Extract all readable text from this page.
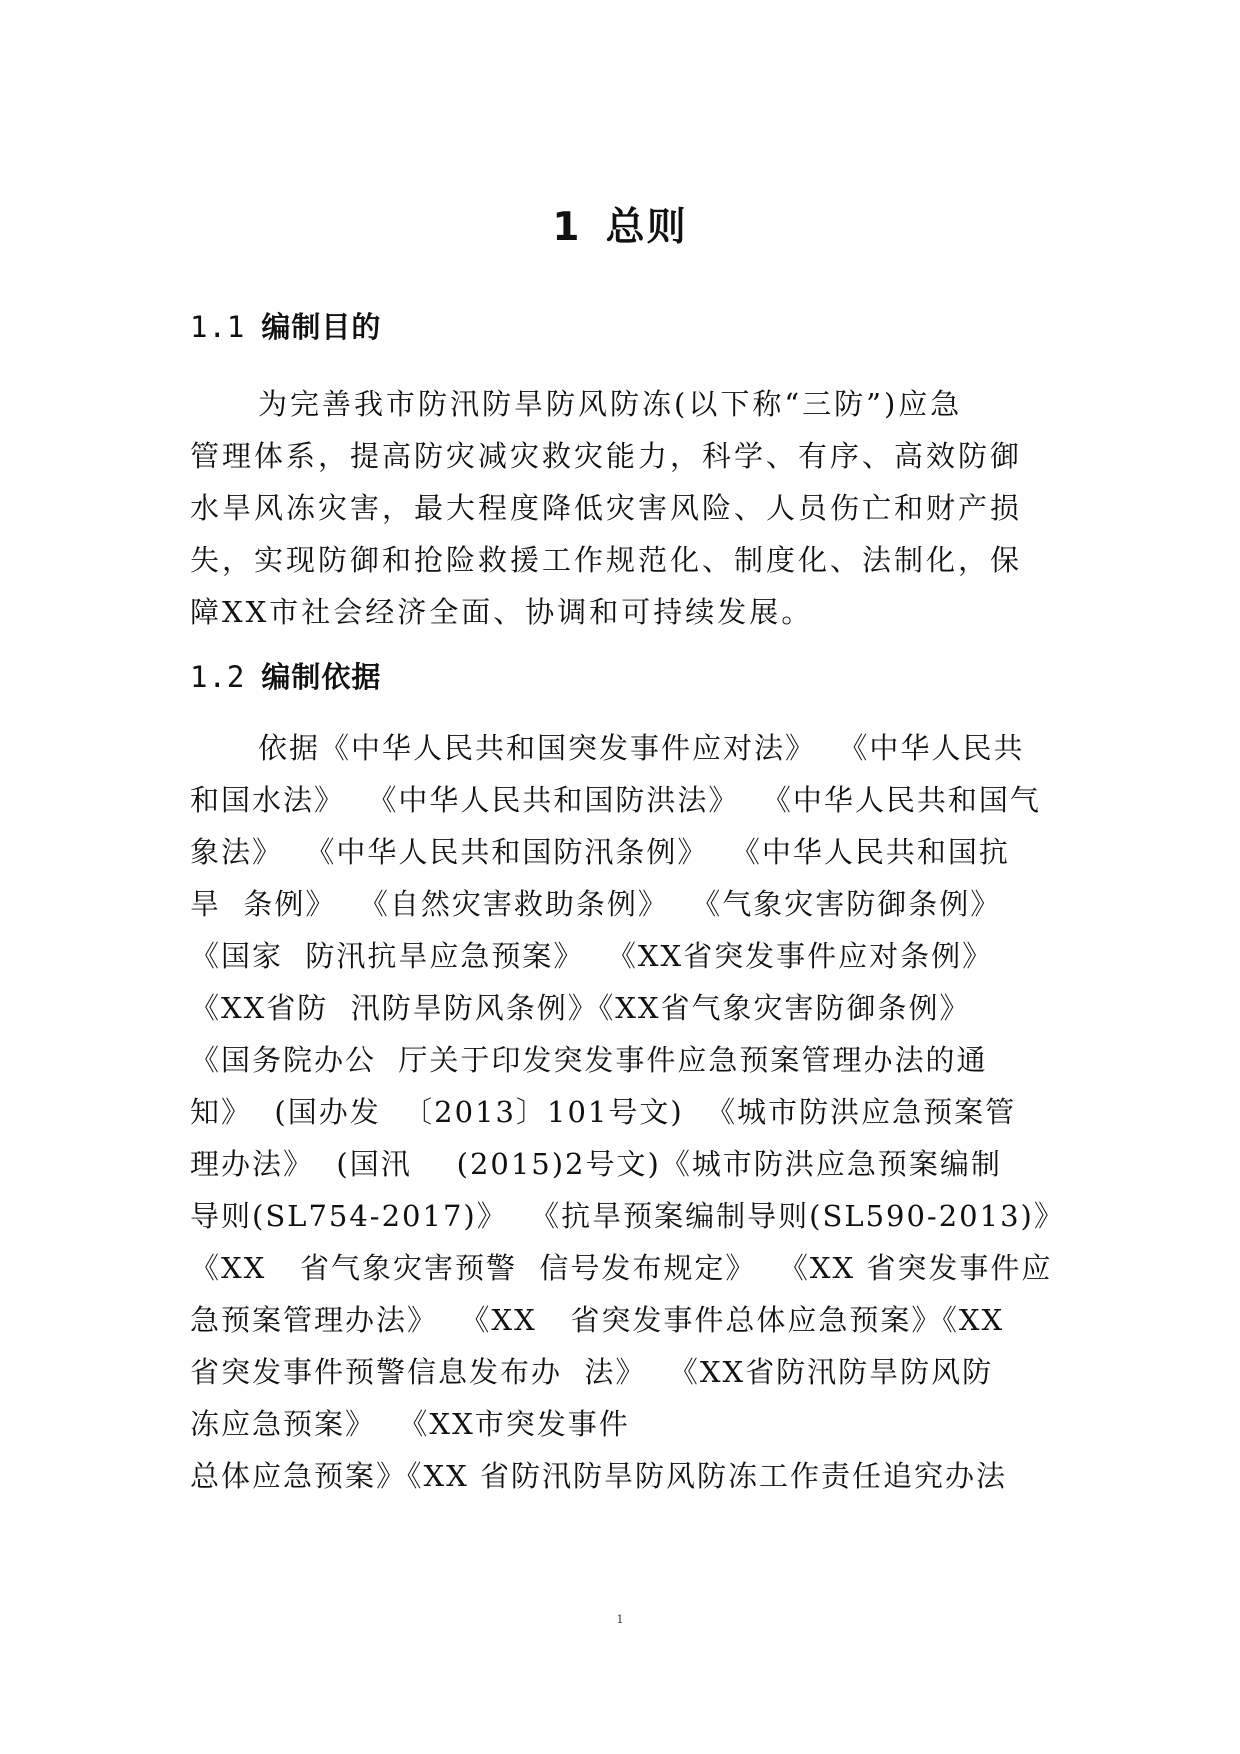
1 总则
1.1 编制目的

为完善我市防汛防旱防风防冻(以下称“三防”)应急
管理体系，提高防灾减灾救灾能力，科学、有序、高效防御
水旱风冻灾害，最大程度降低灾害风险、人员伤亡和财产损
失，实现防御和抢险救援工作规范化、制度化、法制化，保
障XX市社会经济全面、协调和可持续发展。

1.2 编制依据

依据《中华人民共和国突发事件应对法》  《中华人民共
和国水法》  《中华人民共和国防洪法》  《中华人民共和国气
象法》  《中华人民共和国防汛条例》  《中华人民共和国抗
旱  条例》  《自然灾害救助条例》  《气象灾害防御条例》
《国家  防汛抗旱应急预案》  《XX省突发事件应对条例》
《XX省防  汛防旱防风条例》《XX省气象灾害防御条例》
《国务院办公  厅关于印发突发事件应急预案管理办法的通
知》  (国办发  〔2013〕101号文)  《城市防洪应急预案管
理办法》  (国汛    (2015)2号文)《城市防洪应急预案编制
导则(SL754-2017)》  《抗旱预案编制导则(SL590-2013)》
《XX   省气象灾害预警  信号发布规定》  《XX 省突发事件应
急预案管理办法》  《XX   省突发事件总体应急预案》《XX
省突发事件预警信息发布办  法》  《XX省防汛防旱防风防
冻应急预案》  《XX市突发事件
总体应急预案》《XX 省防汛防旱防风防冻工作责任追究办法

1
